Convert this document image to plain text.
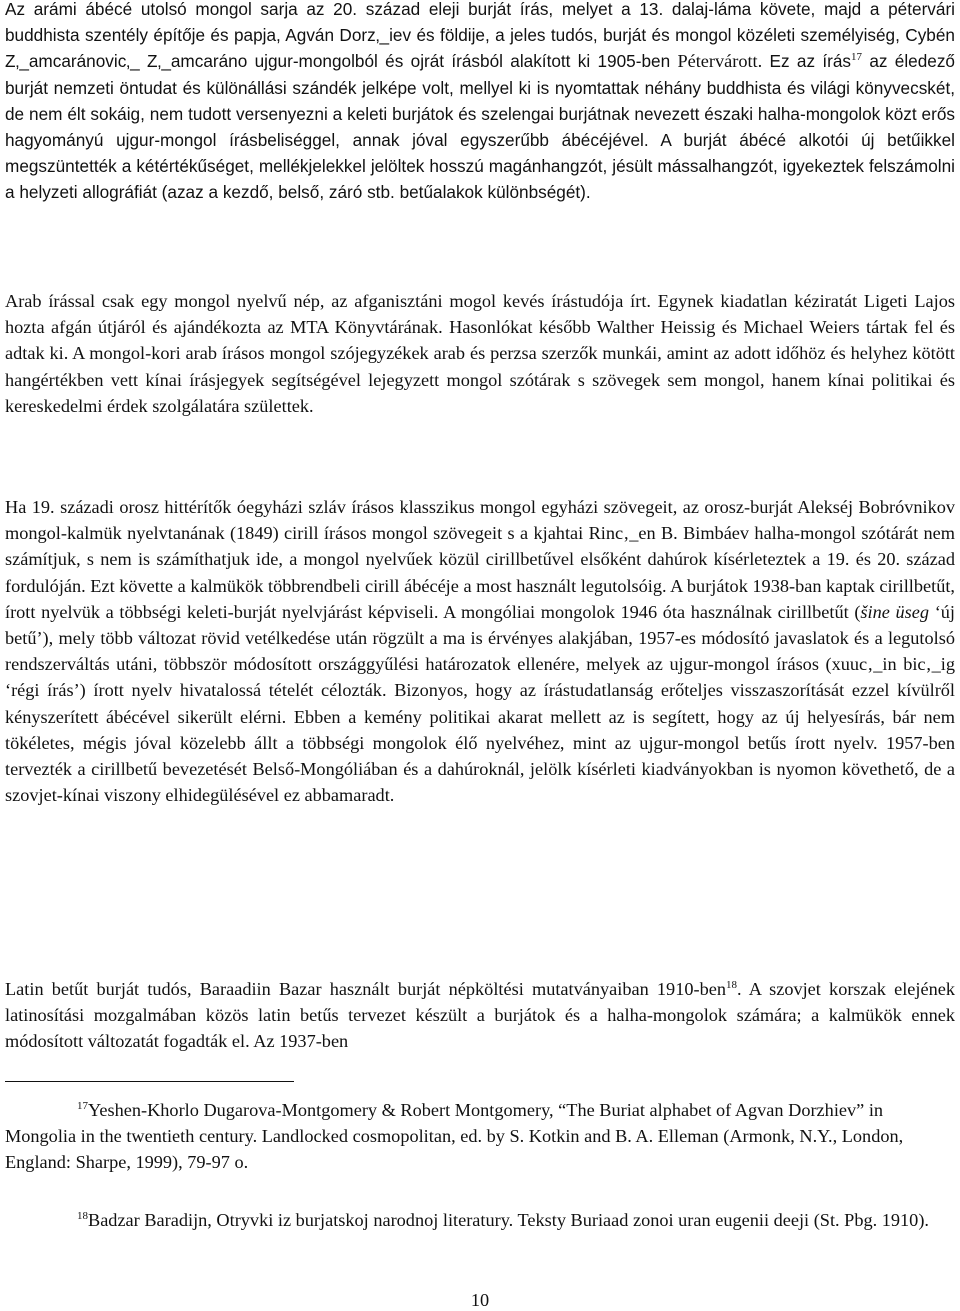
Az arámi ábécé utolsó mongol sarja az 20. század eleji burját írás, melyet a 13. dalaj-láma követe, majd a pétervári buddhista szentély építője és papja, Agván Dorz‚_iev és földije, a jeles tudós, burját és mongol közéleti személyiség, Cybén Z‚_amcaránovic‚_ Z‚_amcaráno ujgur-mongolból és ojrát írásból alakított ki 1905-ben Pétervárott. Ez az írás$^{17}$ az éledező burját nemzeti öntudat és különállási szándék jelképe volt, mellyel ki is nyomtattak néhány buddhista és világi könyvecskét, de nem élt sokáig, nem tudott versenyezni a keleti burjátok és szelengai burjátnak nevezett északi halha-mongolok közt erős hagyományú ujgur-mongol írásbeliséggel, annak jóval egyszerűbb ábécéjével. A burját ábécé alkotói új betűikkel megszüntették a kétértékűséget, mellékjelekkel jelöltek hosszú magánhangzót, jésült mássalhangzót, igyekeztek felszámolni a helyzeti allográfiát (azaz a kezdő, belső, záró stb. betűalakok különbségét).

Arab írással csak egy mongol nyelvű nép, az afganisztáni mogol kevés írástudója írt. Egynek kiadatlan kéziratát Ligeti Lajos hozta afgán útjáról és ajándékozta az MTA Könyvtárának. Hasonlókat később Walther Heissig és Michael Weiers tártak fel és adtak ki. A mongol-kori arab írásos mongol szójegyzékek arab és perzsa szerzők munkái, amint az adott időhöz és helyhez kötött hangértékben vett kínai írásjegyek segítségével lejegyzett mongol szótárak s szövegek sem mongol, hanem kínai politikai és kereskedelmi érdek szolgálatára születtek.

Ha 19. századi orosz hittérítők óegyházi szláv írásos klasszikus mongol egyházi szövegeit, az orosz-burját Alekséj Bobróvnikov mongol-kalmük nyelvtanának (1849) cirill írásos mongol szövegeit s a kjahtai Rinc‚_en B. Bimbáev halha-mongol szótárát nem számítjuk, s nem is számíthatjuk ide, a mongol nyelvűek közül cirillbetűvel elsőként dahúrok kísérleteztek a 19. és 20. század fordulóján. Ezt követte a kalmükök többrendbeli cirill ábécéje a most használt legutolsóig. A burjátok 1938-ban kaptak cirillbetűt, írott nyelvük a többségi keleti-burját nyelvjárást képviseli. A mongóliai mongolok 1946 óta használnak cirillbetűt (šine üseg ‘új betű’), mely több változat rövid vetélkedése után rögzült a ma is érvényes alakjában, 1957-es módosító javaslatok és a legutolsó rendszerváltás utáni, többször módosított országgyűlési határozatok ellenére, melyek az ujgur-mongol írásos (xuuc‚_in bic‚_ig ‘régi írás’) írott nyelv hivatalossá tételét célozták. Bizonyos, hogy az írástudatlanság erőteljes visszaszorítását ezzel kívülről kényszerített ábécével sikerült elérni. Ebben a kemény politikai akarat mellett az is segített, hogy az új helyesírás, bár nem tökéletes, mégis jóval közelebb állt a többségi mongolok élő nyelvéhez, mint az ujgur-mongol betűs írott nyelv. 1957-ben tervezték a cirillbetű bevezetését Belső-Mongóliában és a dahúroknál, jelölk kísérleti kiadványokban is nyomon követhető, de a szovjet-kínai viszony elhidegülésével ez abbamaradt.

Latin betűt burját tudós, Baraadiin Bazar használt burját népköltési mutatványaiban 1910-ben$^{18}$. A szovjet korszak elejének latinosítási mozgalmában közös latin betűs tervezet készült a burjátok és a halha-mongolok számára; a kalmükök ennek módosított változatát fogadták el. Az 1937-ben

$^{17}$Yeshen-Khorlo Dugarova-Montgomery & Robert Montgomery, “The Buriat alphabet of Agvan Dorzhiev” in Mongolia in the twentieth century. Landlocked cosmopolitan, ed. by S. Kotkin and B. A. Elleman (Armonk, N.Y., London, England: Sharpe, 1999), 79-97 o.

$^{18}$Badzar Baradijn, Otryvki iz burjatskoj narodnoj literatury. Teksty Buriaad zonoi uran eugenii deeji (St. Pbg. 1910).

10
